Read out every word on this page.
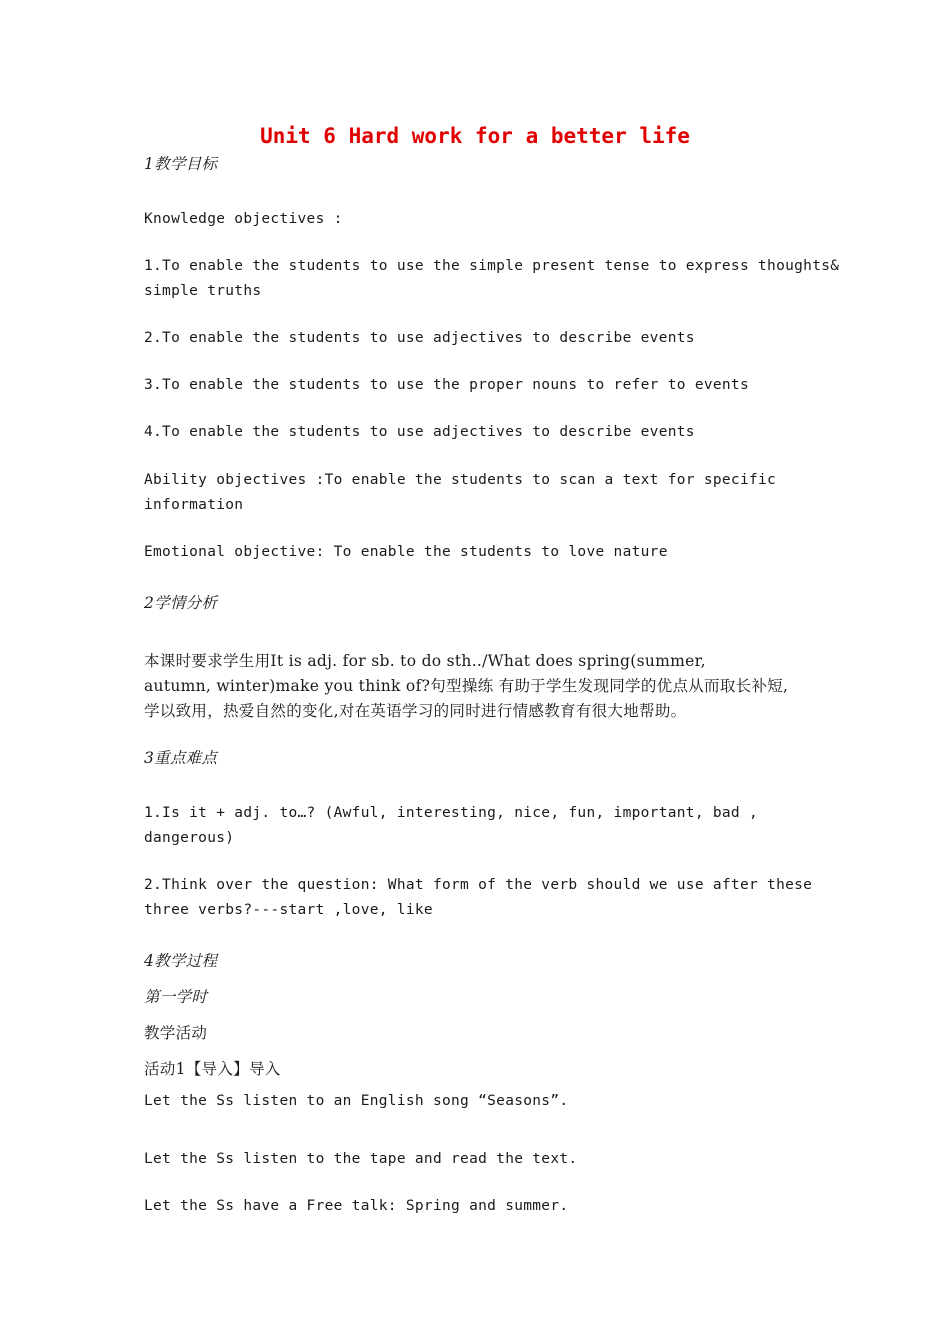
Unit 6 Hard work for a better life

1教学目标

Knowledge objectives :

1.To enable the students to use the simple present tense to express thoughts&

simple truths

2.To enable the students to use adjectives to describe events

3.To enable the students to use the proper nouns to refer to events

4.To enable the students to use adjectives to describe events

Ability objectives :To enable the students to scan a text for specific

information

Emotional objective: To enable the students to love nature

2学情分析

本课时要求学生用It is adj. for sb. to do sth../What does spring(summer,

autumn, winter)make you think of?句型操练 有助于学生发现同学的优点从而取长补短,

学以致用，热爱自然的变化,对在英语学习的同时进行情感教育有很大地帮助。

3重点难点

1.Is it + adj. to…? (Awful, interesting, nice, fun, important, bad ,

dangerous)

2.Think over the question: What form of the verb should we use after these

three verbs?---start ,love, like

4教学过程

第一学时

教学活动

活动1【导入】导入

Let the Ss listen to an English song “Seasons”.

Let the Ss listen to the tape and read the text.

Let the Ss have a Free talk: Spring and summer.
